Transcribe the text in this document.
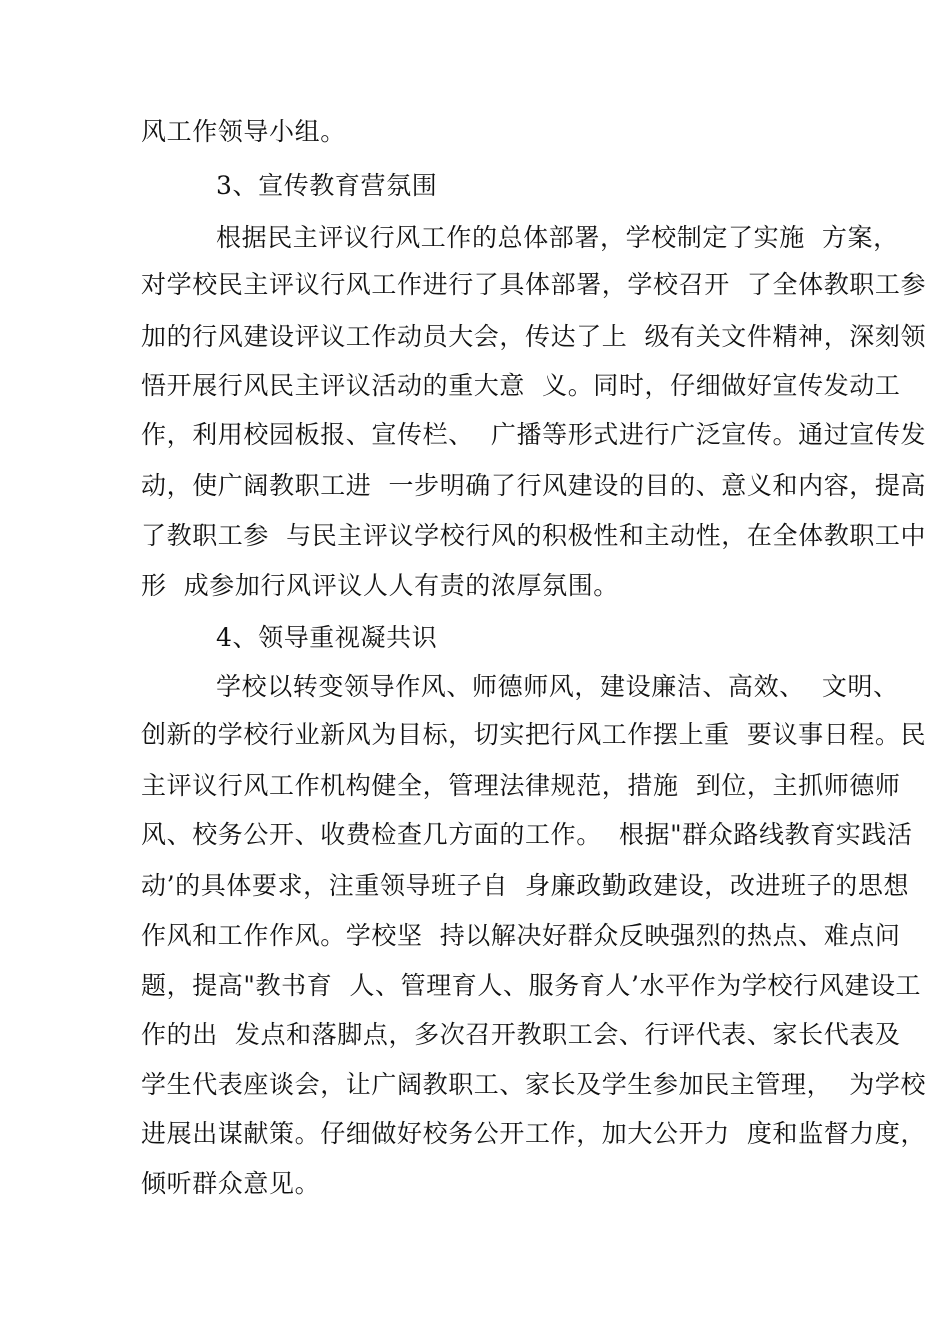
风工作领导小组。
3、宣传教育营氛围
根据民主评议行风工作的总体部署，学校制定了实施  方案，
对学校民主评议行风工作进行了具体部署，学校召开  了全体教职工参
加的行风建设评议工作动员大会，传达了上  级有关文件精神，深刻领
悟开展行风民主评议活动的重大意  义。同时，仔细做好宣传发动工
作，利用校园板报、宣传栏、  广播等形式进行广泛宣传。通过宣传发
动，使广阔教职工进  一步明确了行风建设的目的、意义和内容，提高
了教职工参  与民主评议学校行风的积极性和主动性，在全体教职工中
形  成参加行风评议人人有责的浓厚氛围。
4、领导重视凝共识
学校以转变领导作风、师德师风，建设廉洁、高效、  文明、
创新的学校行业新风为目标，切实把行风工作摆上重  要议事日程。民
主评议行风工作机构健全，管理法律规范，措施  到位，主抓师德师
风、校务公开、收费检查几方面的工作。  根据"群众路线教育实践活
动’的具体要求，注重领导班子自  身廉政勤政建设，改进班子的思想
作风和工作作风。学校坚  持以解决好群众反映强烈的热点、难点问
题，提高"教书育  人、管理育人、服务育人’水平作为学校行风建设工
作的出  发点和落脚点，多次召开教职工会、行评代表、家长代表及
学生代表座谈会，让广阔教职工、家长及学生参加民主管理，  为学校
进展出谋献策。仔细做好校务公开工作，加大公开力  度和监督力度，
倾听群众意见。
